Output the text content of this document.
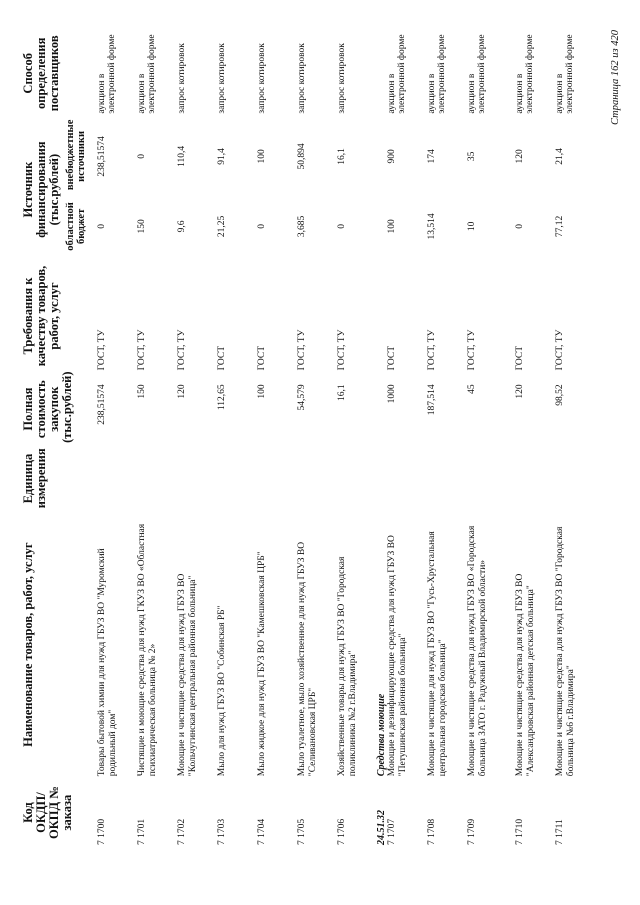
Код ОКДП/ ОКПД № заказа	Наименование товаров, работ, услуг	Единица измерения	Полная стоимость закупок (тыс.рублей)	Требования к качеству товаров, работ, услуг	Источник финансирования (тыс.рублей)		Способ определения поставщиков
					областной бюджет	внебюджетные источники	
7 1700	Товары бытовой химии для нужд ГБУЗ ВО "Муромский родильный дом"		238,51574	ГОСТ, ТУ	0	238,51574	аукцион в электронной форме
7 1701	Чистящие и моющие средства для нужд ГКУЗ ВО «Областная психиатрическая больница № 2»		150	ГОСТ, ТУ	150	0	аукцион в электронной форме
7 1702	Моющие и чистящие средства для нужд ГБУЗ ВО "Кольчугинская центральная районная больница"		120	ГОСТ, ТУ	9,6	110,4	запрос котировок
7 1703	Мыло для нужд ГБУЗ ВО "Собинская РБ"		112,65	ГОСТ	21,25	91,4	запрос котировок
7 1704	Мыло жидкое для нужд ГБУЗ ВО "Камешковская ЦРБ"		100	ГОСТ	0	100	запрос котировок
7 1705	Мыло туалетное, мыло хозяйственное для нужд ГБУЗ ВО "Селивановская ЦРБ"		54,579	ГОСТ, ТУ	3,685	50,894	запрос котировок
7 1706	Хозяйственные товары для нужд ГБУЗ ВО "Городская поликлиника №2 г.Владимира"		16,1	ГОСТ, ТУ	0	16,1	запрос котировок
24.51.32	Средства моющие						
7 1707	Моющие и дезинфицирующие средства для нужд ГБУЗ ВО "Петушинская районная больница"		1000	ГОСТ	100	900	аукцион в электронной форме
7 1708	Моющие и чистящие для нужд ГБУЗ ВО "Гусь-Хрустальная центральная городская больница"		187,514	ГОСТ, ТУ	13,514	174	аукцион в электронной форме
7 1709	Моющие и чистящие средства для нужд ГБУЗ ВО «Городская больница ЗАТО г. Радужный Владимирской области»		45	ГОСТ, ТУ	10	35	аукцион в электронной форме
7 1710	Моющие и чистящие средства для нужд ГБУЗ ВО "Александровская районная детская больница"		120	ГОСТ	0	120	аукцион в электронной форме
7 1711	Моющие и чистящие средства для нужд ГБУЗ ВО "Городская больница №6 г.Владимира"		98,52	ГОСТ, ТУ	77,12	21,4	аукцион в электронной форме	Страница 162 из 420
